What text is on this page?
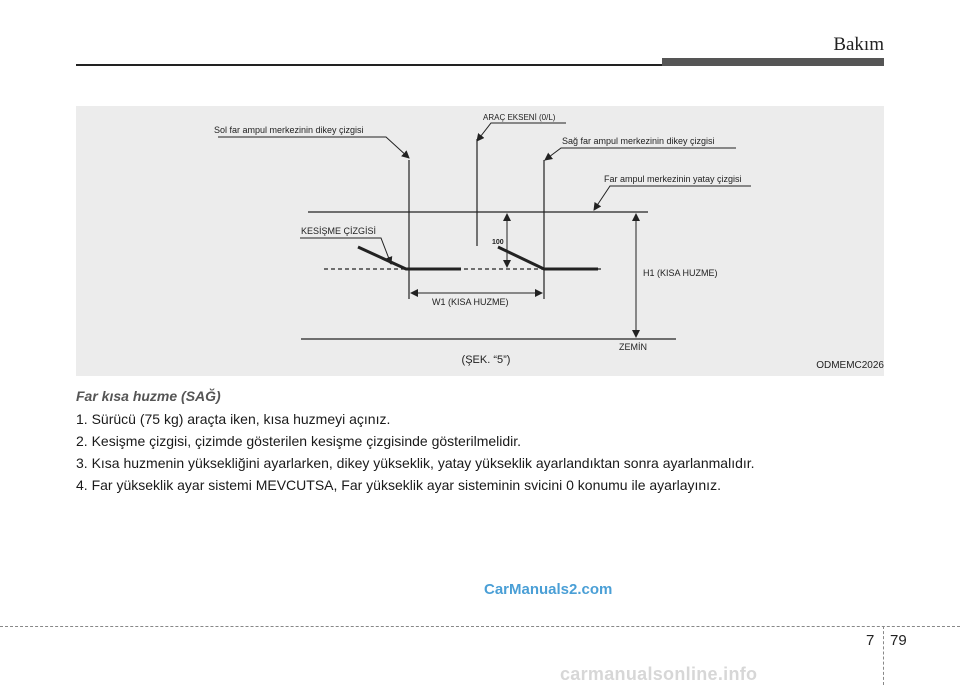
Bakım
Sol far ampul merkezinin dikey çizgisi
ARAÇ EKSENİ (0/L)
Sağ far ampul merkezinin dikey çizgisi
Far ampul merkezinin yatay çizgisi
KESİŞME ÇİZGİSİ
100
H1 (KISA HUZME)
W1 (KISA HUZME)
ZEMİN
(ŞEK. “5”)	ODMEMC2026
Far kısa huzme (SAĞ)
1. Sürücü (75 kg) araçta iken, kısa huzmeyi açınız.
2. Kesişme çizgisi, çizimde gösterilen kesişme çizgisinde gösterilmelidir.
3. Kısa huzmenin yüksekliğini ayarlarken, dikey yükseklik, yatay yükseklik ayarlandıktan sonra ayarlanmalıdır.
4. Far yükseklik ayar sistemi MEVCUTSA, Far yükseklik ayar sisteminin svicini 0 konumu ile ayarlayınız.
CarManuals2.com
7 79
carmanualsonline.info
